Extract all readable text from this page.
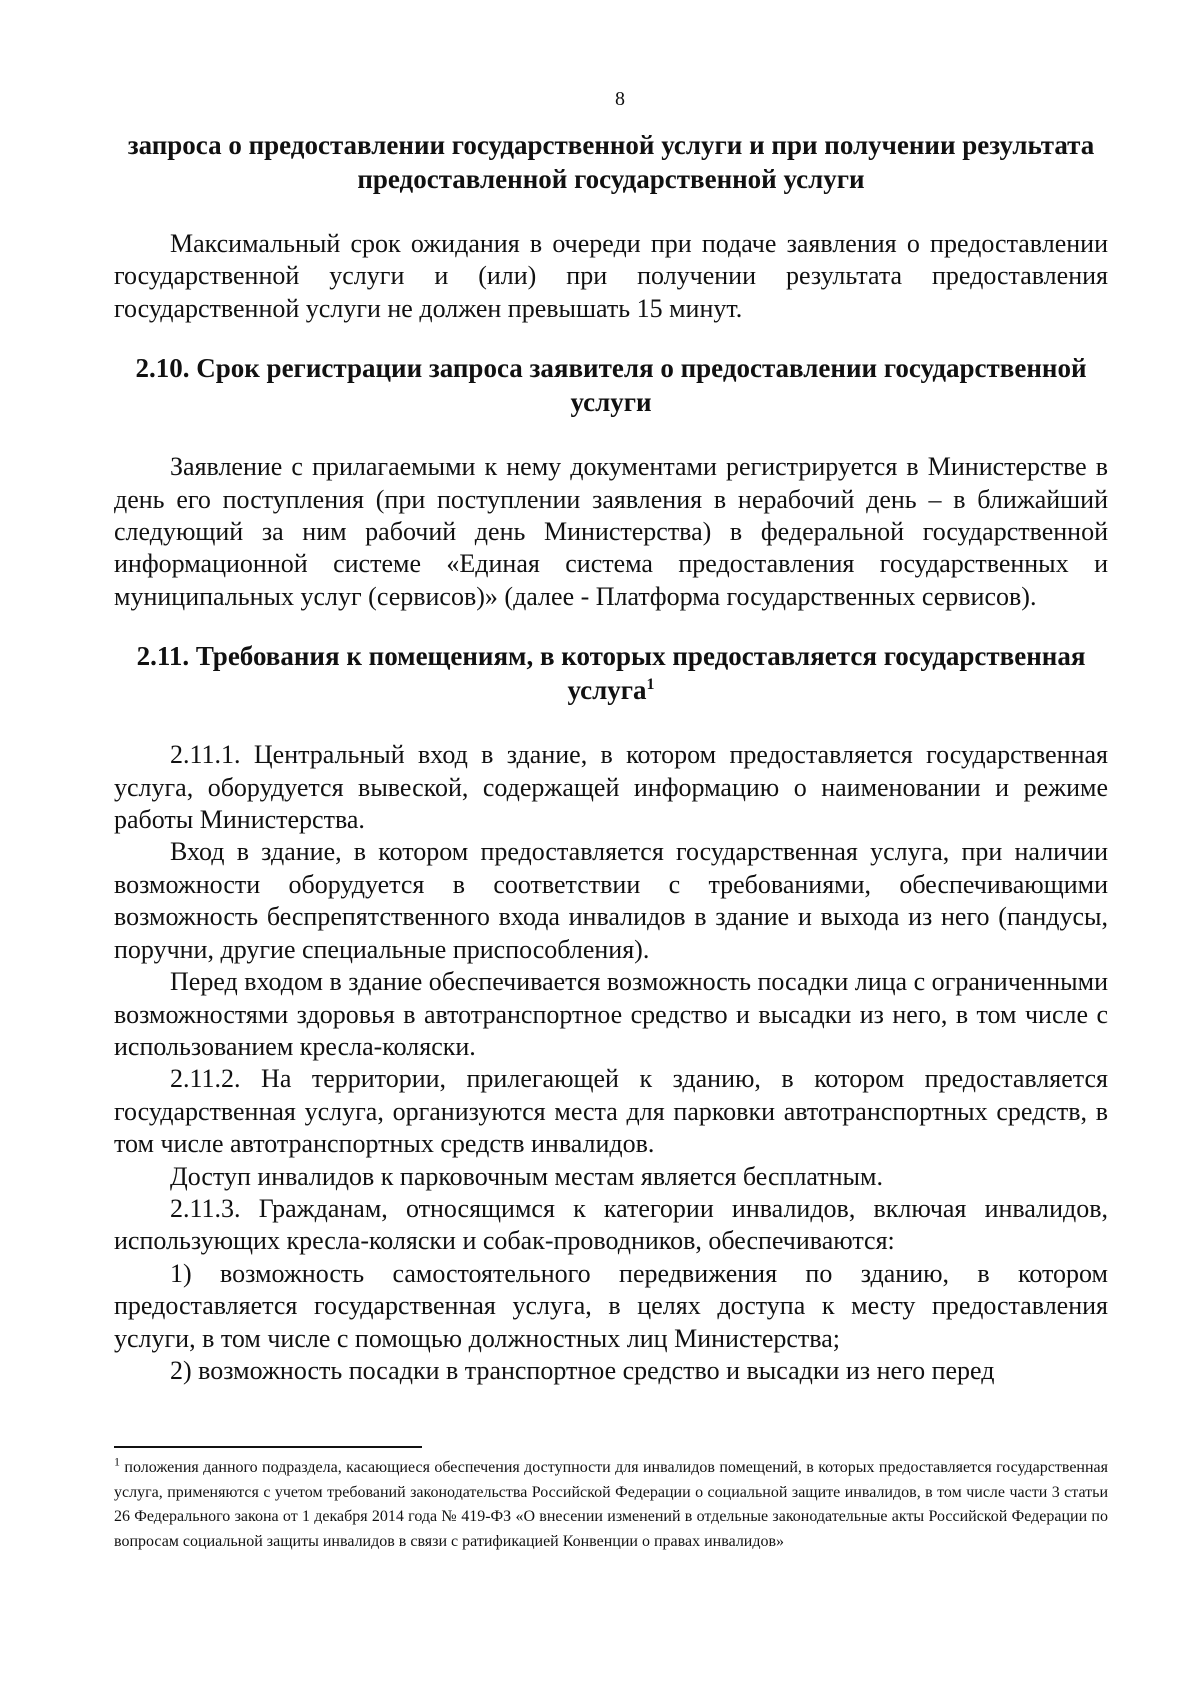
8

запроса о предоставлении государственной услуги и при получении результата предоставленной государственной услуги

Максимальный срок ожидания в очереди при подаче заявления о предоставлении государственной услуги и (или) при получении результата предоставления государственной услуги не должен превышать 15 минут.

2.10. Срок регистрации запроса заявителя о предоставлении государственной услуги

Заявление с прилагаемыми к нему документами регистрируется в Министерстве в день его поступления (при поступлении заявления в нерабочий день – в ближайший следующий за ним рабочий день Министерства) в федеральной государственной информационной системе «Единая система предоставления государственных и муниципальных услуг (сервисов)» (далее - Платформа государственных сервисов).

2.11. Требования к помещениям, в которых предоставляется государственная услуга$^1$

2.11.1. Центральный вход в здание, в котором предоставляется государственная услуга, оборудуется вывеской, содержащей информацию о наименовании и режиме работы Министерства.

Вход в здание, в котором предоставляется государственная услуга, при наличии возможности оборудуется в соответствии с требованиями, обеспечивающими возможность беспрепятственного входа инвалидов в здание и выхода из него (пандусы, поручни, другие специальные приспособления).

Перед входом в здание обеспечивается возможность посадки лица с ограниченными возможностями здоровья в автотранспортное средство и высадки из него, в том числе с использованием кресла-коляски.

2.11.2. На территории, прилегающей к зданию, в котором предоставляется государственная услуга, организуются места для парковки автотранспортных средств, в том числе автотранспортных средств инвалидов.

Доступ инвалидов к парковочным местам является бесплатным.

2.11.3. Гражданам, относящимся к категории инвалидов, включая инвалидов, использующих кресла-коляски и собак-проводников, обеспечиваются:

1) возможность самостоятельного передвижения по зданию, в котором предоставляется государственная услуга, в целях доступа к месту предоставления услуги, в том числе с помощью должностных лиц Министерства;

2) возможность посадки в транспортное средство и высадки из него перед

$^1$ положения данного подраздела, касающиеся обеспечения доступности для инвалидов помещений, в которых предоставляется государственная услуга, применяются с учетом требований законодательства Российской Федерации о социальной защите инвалидов, в том числе части 3 статьи 26 Федерального закона от 1 декабря 2014 года № 419-ФЗ «О внесении изменений в отдельные законодательные акты Российской Федерации по вопросам социальной защиты инвалидов в связи с ратификацией Конвенции о правах инвалидов»
